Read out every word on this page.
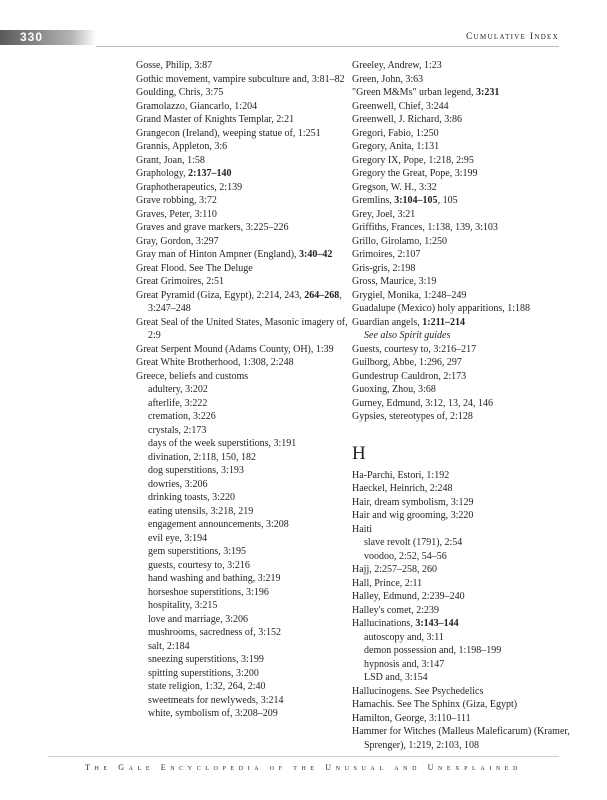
330	Cumulative Index
Gosse, Philip, 3:87
Gothic movement, vampire subculture and, 3:81–82
Goulding, Chris, 3:75
Gramolazzo, Giancarlo, 1:204
Grand Master of Knights Templar, 2:21
Grangecon (Ireland), weeping statue of, 1:251
Grannis, Appleton, 3:6
Grant, Joan, 1:58
Graphology, 2:137–140
Graphotherapeutics, 2:139
Grave robbing, 3:72
Graves, Peter, 3:110
Graves and grave markers, 3:225–226
Gray, Gordon, 3:297
Gray man of Hinton Ampner (England), 3:40–42
Great Flood. See The Deluge
Great Grimoires, 2:51
Great Pyramid (Giza, Egypt), 2:214, 243, 264–268, 3:247–248
Great Seal of the United States, Masonic imagery of, 2:9
Great Serpent Mound (Adams County, OH), 1:39
Great White Brotherhood, 1:308, 2:248
Greece, beliefs and customs
adultery, 3:202
afterlife, 3:222
cremation, 3:226
crystals, 2:173
days of the week superstitions, 3:191
divination, 2:118, 150, 182
dog superstitions, 3:193
dowries, 3:206
drinking toasts, 3:220
eating utensils, 3:218, 219
engagement announcements, 3:208
evil eye, 3:194
gem superstitions, 3:195
guests, courtesy to, 3:216
hand washing and bathing, 3:219
horseshoe superstitions, 3:196
hospitality, 3:215
love and marriage, 3:206
mushrooms, sacredness of, 3:152
salt, 2:184
sneezing superstitions, 3:199
spitting superstitions, 3:200
state religion, 1:32, 264, 2:40
sweetmeats for newlyweds, 3:214
white, symbolism of, 3:208–209
Greeley, Andrew, 1:23
Green, John, 3:63
"Green M&Ms" urban legend, 3:231
Greenwell, Chief, 3:244
Greenwell, J. Richard, 3:86
Gregori, Fabio, 1:250
Gregory, Anita, 1:131
Gregory IX, Pope, 1:218, 2:95
Gregory the Great, Pope, 3:199
Gregson, W. H., 3:32
Gremlins, 3:104–105, 105
Grey, Joel, 3:21
Griffiths, Frances, 1:138, 139, 3:103
Grillo, Girolamo, 1:250
Grimoires, 2:107
Gris-gris, 2:198
Gross, Maurice, 3:19
Grygiel, Monika, 1:248–249
Guadalupe (Mexico) holy apparitions, 1:188
Guardian angels, 1:211–214
See also Spirit guides
Guests, courtesy to, 3:216–217
Guilborg, Abbe, 1:296, 297
Gundestrup Cauldron, 2:173
Guoxing, Zhou, 3:68
Gurney, Edmund, 3:12, 13, 24, 146
Gypsies, stereotypes of, 2:128
H
Ha-Parchi, Estori, 1:192
Haeckel, Heinrich, 2:248
Hair, dream symbolism, 3:129
Hair and wig grooming, 3:220
Haiti
slave revolt (1791), 2:54
voodoo, 2:52, 54–56
Hajj, 2:257–258, 260
Hall, Prince, 2:11
Halley, Edmund, 2:239–240
Halley's comet, 2:239
Hallucinations, 3:143–144
autoscopy and, 3:11
demon possession and, 1:198–199
hypnosis and, 3:147
LSD and, 3:154
Hallucinogens. See Psychedelics
Hamachis. See The Sphinx (Giza, Egypt)
Hamilton, George, 3:110–111
Hammer for Witches (Malleus Maleficarum) (Kramer, Sprenger), 1:219, 2:103, 108
The Gale Encyclopedia of the Unusual and Unexplained
